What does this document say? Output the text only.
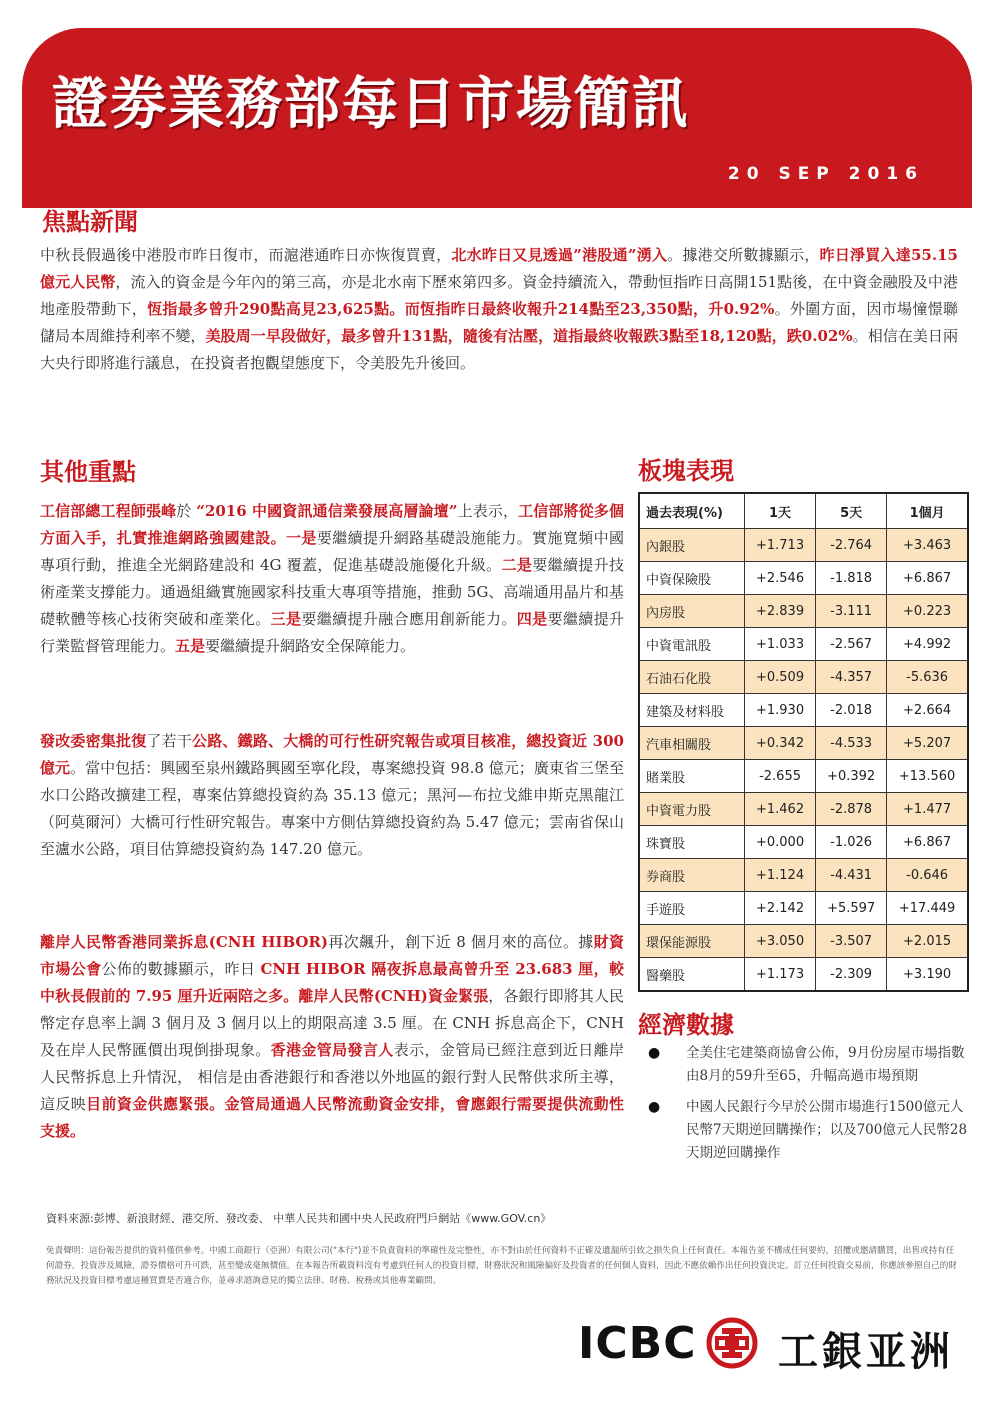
證劵業務部每日市場簡訊
20 SEP 2016
焦點新聞
中秋長假過後中港股市昨日復市，而滬港通昨日亦恢復買賣，北水昨日又見透過”港股通”湧入。據港交所數據顯示，昨日淨買入達55.15億元人民幣，流入的資金是今年內的第三高，亦是北水南下歷來第四多。資金持續流入，帶動恒指昨日高開151點後，在中資金融股及中港地產股帶動下，恆指最多曾升290點高見23,625點。而恆指昨日最終收報升214點至23,350點，升0.92%。外圍方面，因市場憧憬聯儲局本周維持利率不變，美股周一早段做好，最多曾升131點，隨後有沽壓，道指最終收報跌3點至18,120點，跌0.02%。相信在美日兩大央行即將進行議息，在投資者抱觀望態度下，令美股先升後回。
其他重點
工信部總工程師張峰於 “2016 中國資訊通信業發展高層論壇”上表示，工信部將從多個方面入手，扎實推進網路強國建設。一是要繼續提升網路基礎設施能力。實施寬頻中國專項行動，推進全光網路建設和 4G 覆蓋，促進基礎設施優化升級。二是要繼續提升技術產業支撐能力。通過組織實施國家科技重大專項等措施，推動 5G、高端通用晶片和基礎軟體等核心技術突破和產業化。三是要繼續提升融合應用創新能力。四是要繼續提升行業監督管理能力。五是要繼續提升網路安全保障能力。
發改委密集批復了若干公路、鐵路、大橋的可行性研究報告或項目核准，總投資近 300 億元。當中包括：興國至泉州鐵路興國至寧化段，專案總投資 98.8 億元；廣東省三堡至水口公路改擴建工程，專案估算總投資約為 35.13 億元；黑河—布拉戈維申斯克黑龍江（阿莫爾河）大橋可行性研究報告。專案中方側估算總投資約為 5.47 億元；雲南省保山至瀘水公路，項目估算總投資約為 147.20 億元。
離岸人民幣香港同業拆息(CNH HIBOR)再次飆升，創下近 8 個月來的高位。據財資市場公會公佈的數據顯示，昨日 CNH HIBOR 隔夜拆息最高曾升至 23.683 厘，較中秋長假前的 7.95 厘升近兩陪之多。離岸人民幣(CNH)資金緊張，各銀行即將其人民幣定存息率上調 3 個月及 3 個月以上的期限高達 3.5 厘。在 CNH 拆息高企下，CNH 及在岸人民幣匯價出現倒掛現象。香港金管局發言人表示，金管局已經注意到近日離岸人民幣拆息上升情況， 相信是由香港銀行和香港以外地區的銀行對人民幣供求所主導，這反映目前資金供應緊張。金管局通過人民幣流動資金安排，會應銀行需要提供流動性支援。
板塊表現
過去表現(%)	1天	5天	1個月
內銀股	+1.713	-2.764	+3.463
中資保險股	+2.546	-1.818	+6.867
內房股	+2.839	-3.111	+0.223
中資電訊股	+1.033	-2.567	+4.992
石油石化股	+0.509	-4.357	-5.636
建築及材料股	+1.930	-2.018	+2.664
汽車相關股	+0.342	-4.533	+5.207
賭業股	-2.655	+0.392	+13.560
中資電力股	+1.462	-2.878	+1.477
珠寶股	+0.000	-1.026	+6.867
券商股	+1.124	-4.431	-0.646
手遊股	+2.142	+5.597	+17.449
環保能源股	+3.050	-3.507	+2.015
醫藥股	+1.173	-2.309	+3.190
經濟數據
● 全美住宅建築商協會公佈，9月份房屋市場指數由8月的59升至65，升幅高過市場預期
● 中國人民銀行今早於公開市場進行1500億元人民幣7天期逆回購操作；以及700億元人民幣28天期逆回購操作
資料來源:彭博、新浪財經、港交所、發改委、 中華人民共和國中央人民政府門戶網站《www.GOV.cn》
免責聲明：這份報告提供的資料僅供參考。中國工商銀行（亞洲）有限公司("本行")並不負責資料的準確性及完整性，亦不對由於任何資料不正確及遺漏所引致之損失負上任何責任。本報告並不構成任何要約，招攬或邀請購買，出售或持有任何證券，投資涉及風險，證券價格可升可跌，甚至變成毫無價值。在本報告所載資料沒有考慮到任何人的投資目標，財務狀況和風險偏好及投資者的任何個人資料，因此不應依賴作出任何投資決定。訂立任何投資交易前，你應該參照自己的財務狀況及投資目標考慮這種買賣是否適合你，並尋求諮詢意見的獨立法律、財務、稅務或其他專業顧問。
ICBC 工銀亚洲
